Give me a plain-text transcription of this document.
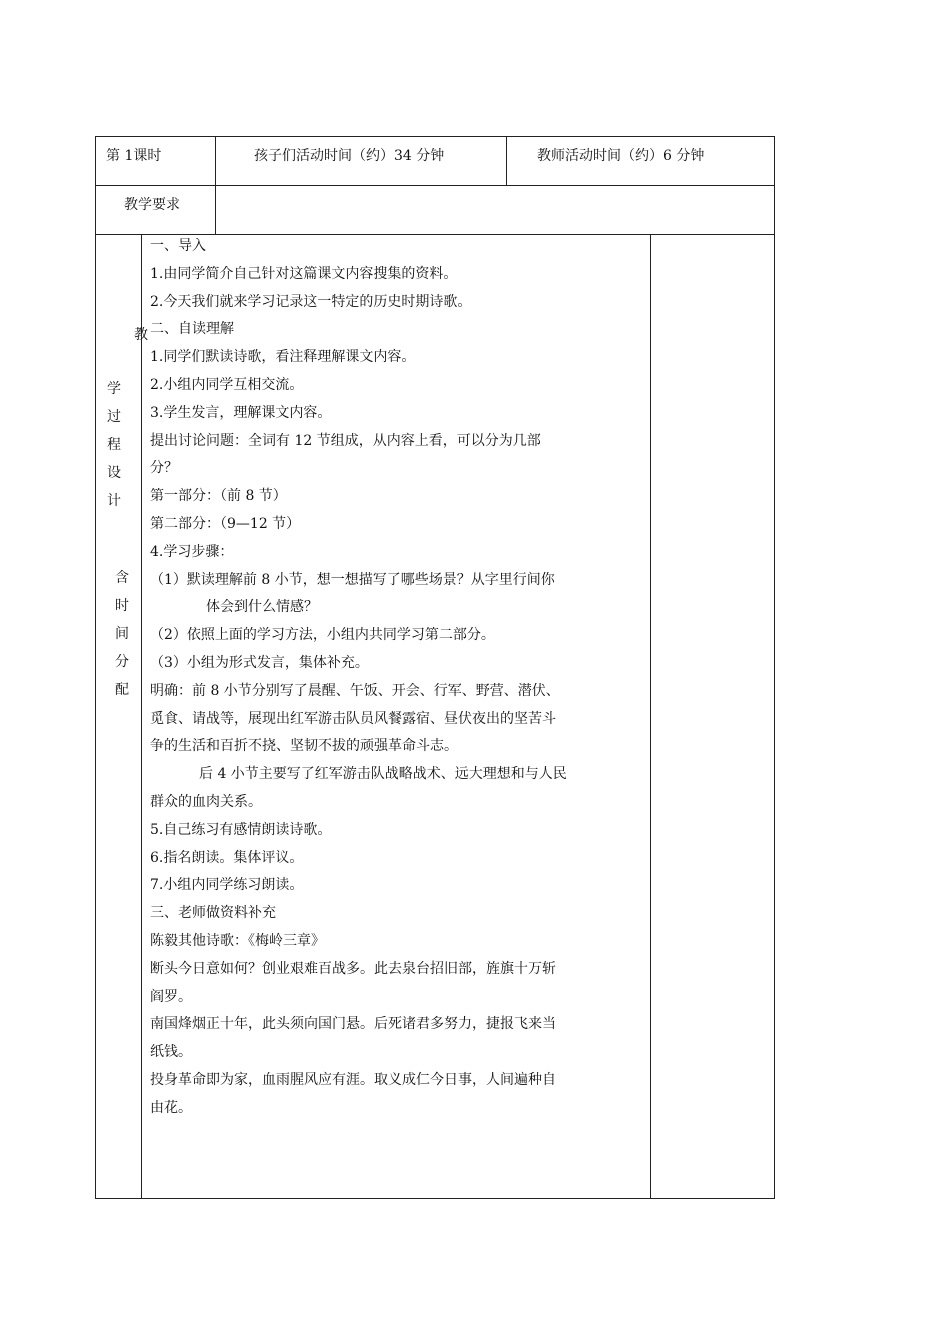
第 1课时	孩子们活动时间（约）34 分钟	教师活动时间（约）6 分钟
教学要求
教
学
过
程
设
计
含
时
间
分
配
一、导入
1.由同学简介自己针对这篇课文内容搜集的资料。
2.今天我们就来学习记录这一特定的历史时期诗歌。
二、自读理解
1.同学们默读诗歌，看注释理解课文内容。
2.小组内同学互相交流。
3.学生发言，理解课文内容。
提出讨论问题：全词有 12 节组成，从内容上看，可以分为几部
分？
第一部分：（前 8 节）
第二部分：（9—12 节）
4.学习步骤：
（1）默读理解前 8 小节，想一想描写了哪些场景？从字里行间你
体会到什么情感？
（2）依照上面的学习方法，小组内共同学习第二部分。
（3）小组为形式发言，集体补充。
明确：前 8 小节分别写了晨醒、午饭、开会、行军、野营、潜伏、
觅食、请战等，展现出红军游击队员风餐露宿、昼伏夜出的坚苦斗
争的生活和百折不挠、坚韧不拔的顽强革命斗志。
后 4 小节主要写了红军游击队战略战术、远大理想和与人民
群众的血肉关系。
5.自己练习有感情朗读诗歌。
6.指名朗读。集体评议。
7.小组内同学练习朗读。
三、老师做资料补充
陈毅其他诗歌：《梅岭三章》
断头今日意如何？创业艰难百战多。此去泉台招旧部，旌旗十万斩
阎罗。
南国烽烟正十年，此头须向国门悬。后死诸君多努力，捷报飞来当
纸钱。
投身革命即为家，血雨腥风应有涯。取义成仁今日事，人间遍种自
由花。
